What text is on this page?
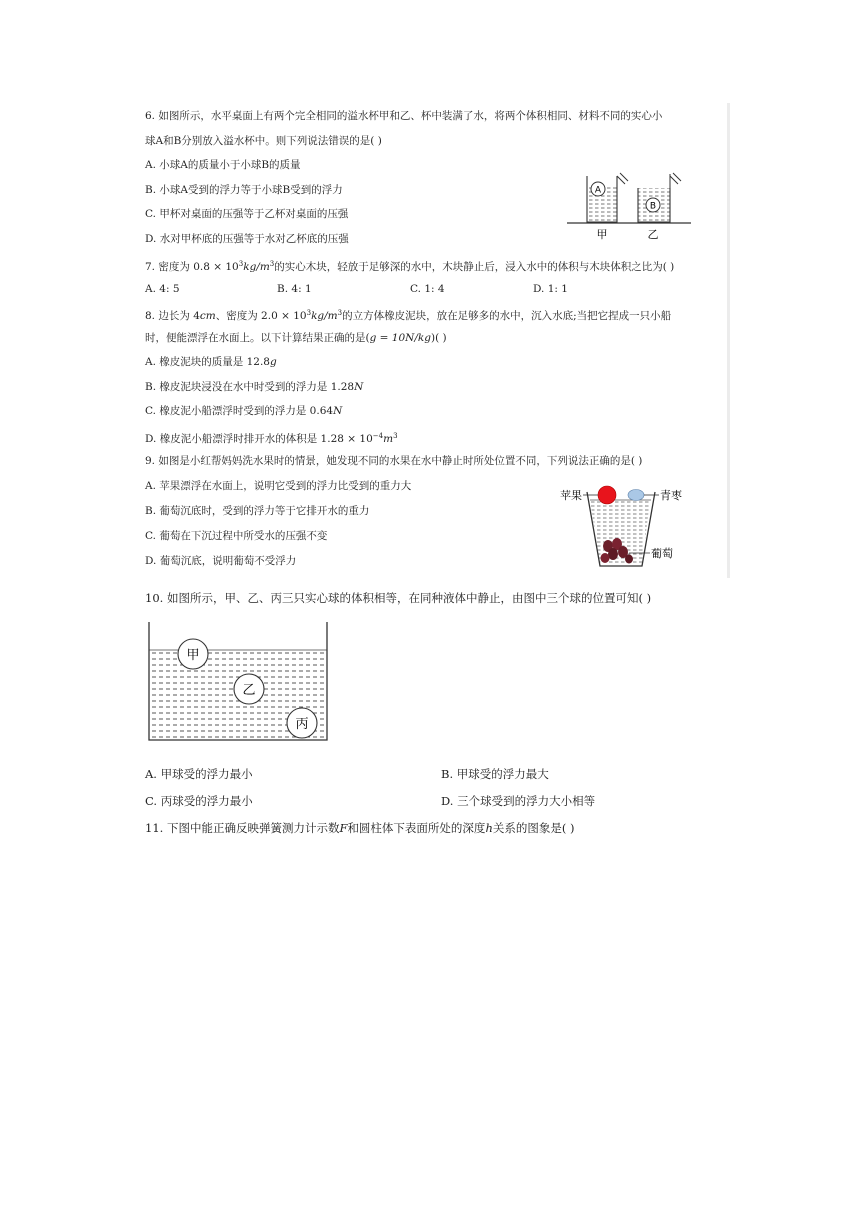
6. 如图所示，水平桌面上有两个完全相同的溢水杯甲和乙、杯中装满了水，将两个体积相同、材料不同的实心小
球A和B分别放入溢水杯中。则下列说法错误的是( )
A. 小球A的质量小于小球B的质量
B. 小球A受到的浮力等于小球B受到的浮力
C. 甲杯对桌面的压强等于乙杯对桌面的压强
D. 水对甲杯底的压强等于水对乙杯底的压强
A
B
甲	乙
7. 密度为 $0.8 \times 10^3kg/m^3$的实心木块，轻放于足够深的水中，木块静止后，浸入水中的体积与木块体积之比为( )
A. 4: 5	B. 4: 1	C. 1: 4	D. 1: 1
8. 边长为 4cm、密度为 $2.0 \times 10^3kg/m^3$的立方体橡皮泥块，放在足够多的水中，沉入水底;当把它捏成一只小船
时，便能漂浮在水面上。以下计算结果正确的是(g = 10N/kg)( )
A. 橡皮泥块的质量是 12.8g
B. 橡皮泥块浸没在水中时受到的浮力是 1.28N
C. 橡皮泥小船漂浮时受到的浮力是 0.64N
D. 橡皮泥小船漂浮时排开水的体积是 $1.28 \times 10^{-4}m^3$
9. 如图是小红帮妈妈洗水果时的情景，她发现不同的水果在水中静止时所处位置不同，下列说法正确的是( )
A. 苹果漂浮在水面上，说明它受到的浮力比受到的重力大
B. 葡萄沉底时，受到的浮力等于它排开水的重力
C. 葡萄在下沉过程中所受水的压强不变
D. 葡萄沉底，说明葡萄不受浮力
苹果	青枣
葡萄
10. 如图所示，甲、乙、丙三只实心球的体积相等，在同种液体中静止，由图中三个球的位置可知( )
甲
乙
丙
A. 甲球受的浮力最小	B. 甲球受的浮力最大
C. 丙球受的浮力最小	D. 三个球受到的浮力大小相等
11. 下图中能正确反映弹簧测力计示数F和圆柱体下表面所处的深度h关系的图象是( )
